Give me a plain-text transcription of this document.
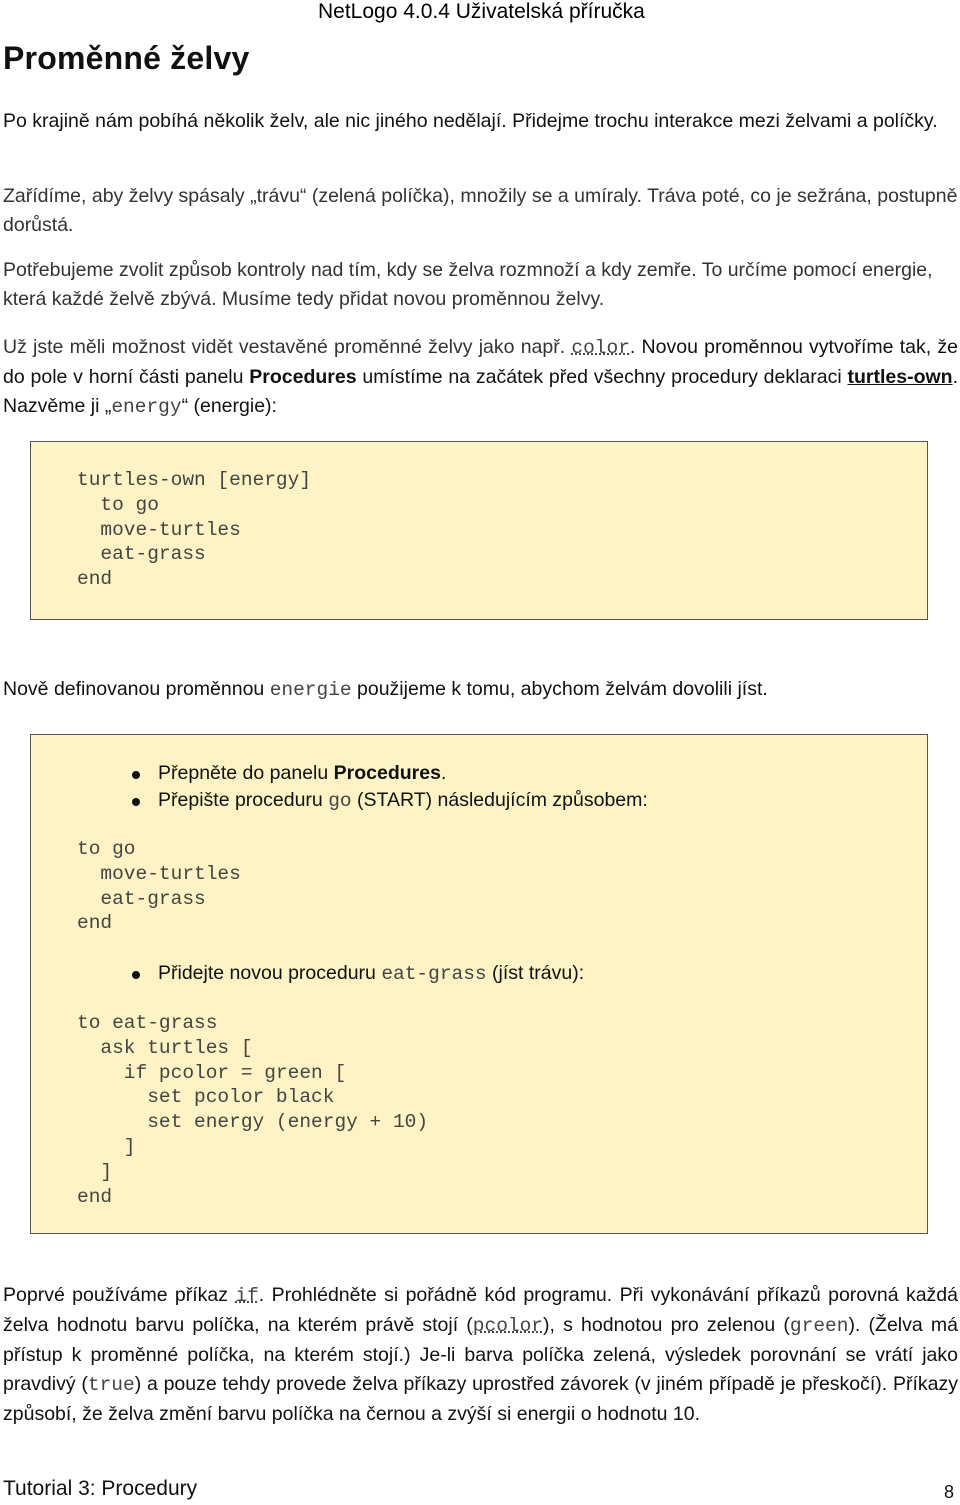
NetLogo 4.0.4 Uživatelská příručka
Proměnné želvy

Po krajině nám pobíhá několik želv, ale nic jiného nedělají. Přidejme trochu interakce mezi želvami a políčky.

Zařídíme, aby želvy spásaly „trávu“ (zelená políčka), množily se a umíraly. Tráva poté, co je sežrána, postupně dorůstá.

Potřebujeme zvolit způsob kontroly nad tím, kdy se želva rozmnoží a kdy zemře. To určíme pomocí energie, která každé želvě zbývá. Musíme tedy přidat novou proměnnou želvy.

Už jste měli možnost vidět vestavěné proměnné želvy jako např. color. Novou proměnnou vytvoříme tak, že do pole v horní části panelu Procedures umístíme na začátek před všechny procedury deklaraci turtles-own. Nazvěme ji „energy“ (energie):

turtles-own [energy]
to go
move-turtles
eat-grass
end

Nově definovanou proměnnou energie použijeme k tomu, abychom želvám dovolili jíst.

Přepněte do panelu Procedures.
Přepište proceduru go (START) následujícím způsobem:
to go
move-turtles
eat-grass
end
Přidejte novou proceduru eat-grass (jíst trávu):
to eat-grass
ask turtles [
if pcolor = green [
set pcolor black
set energy (energy + 10)
]
]
end

Poprvé používáme příkaz if. Prohlédněte si pořádně kód programu. Při vykonávání příkazů porovná každá želva hodnotu barvu políčka, na kterém právě stojí (pcolor), s hodnotou pro zelenou (green). (Želva má přístup k proměnné políčka, na kterém stojí.) Je-li barva políčka zelená, výsledek porovnání se vrátí jako pravdivý (true) a pouze tehdy provede želva příkazy uprostřed závorek (v jiném případě je přeskočí). Příkazy způsobí, že želva změní barvu políčka na černou a zvýší si energii o hodnotu 10.

Tutorial 3: Procedury	8
